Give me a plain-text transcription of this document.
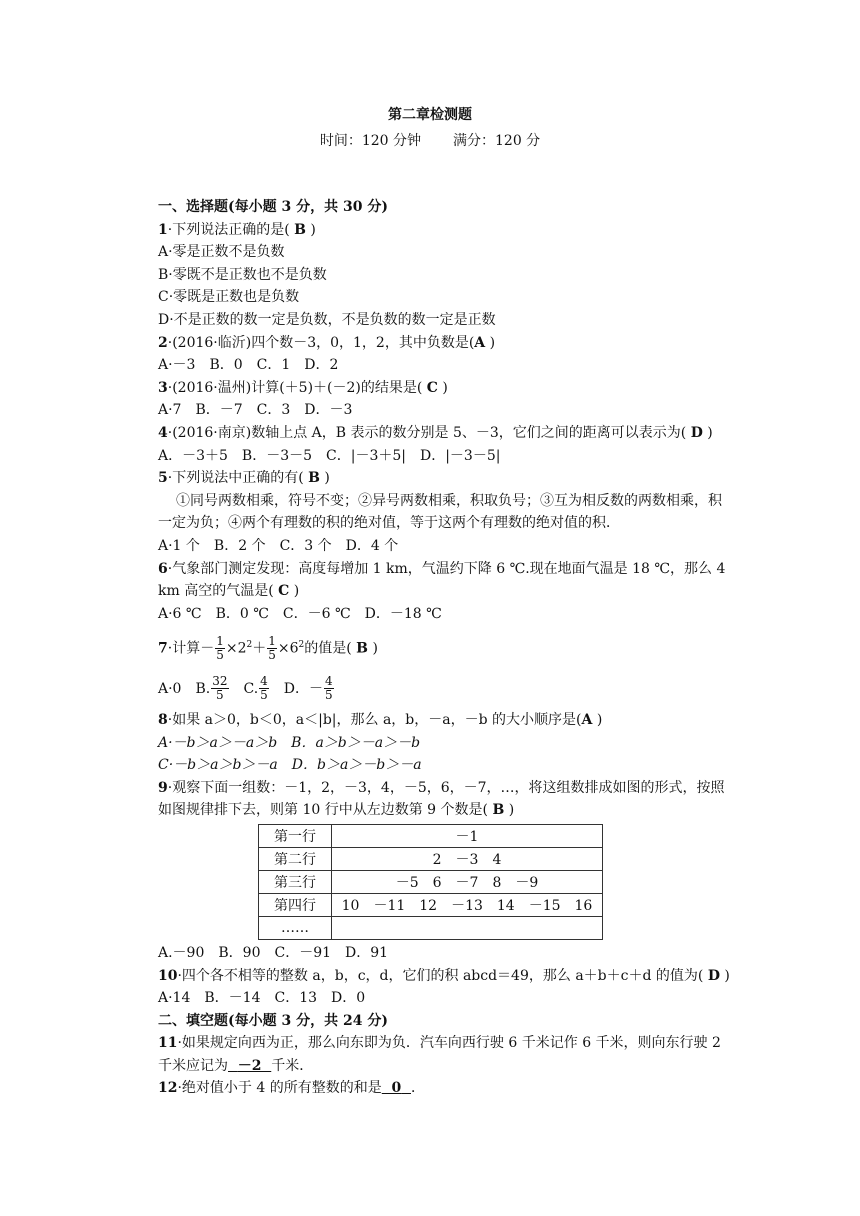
第二章检测题
时间：120 分钟 满分：120 分
一、选择题(每小题 3 分，共 30 分)
1·下列说法正确的是( B )
A·零是正数不是负数
B·零既不是正数也不是负数
C·零既是正数也是负数
D·不是正数的数一定是负数，不是负数的数一定是正数
2·(2016·临沂)四个数－3，0，1，2，其中负数是(A )
A·－3　B．0　C．1　D．2
3·(2016·温州)计算(＋5)＋(－2)的结果是( C )
A·7　B．－7　C．3　D．－3
4·(2016·南京)数轴上点 A，B 表示的数分别是 5、－3，它们之间的距离可以表示为( D )
A．－3＋5　B．－3－5　C．|－3＋5|　D．|－3－5|
5·下列说法中正确的有( B )
①同号两数相乘，符号不变；②异号两数相乘，积取负号；③互为相反数的两数相乘，积一定为负；④两个有理数的积的绝对值，等于这两个有理数的绝对值的积．
A·1 个　B．2 个　C．3 个　D．4 个
6·气象部门测定发现：高度每增加 1 km，气温约下降 6 ℃.现在地面气温是 18 ℃，那么 4 km 高空的气温是( C )
A·6 ℃　B．0 ℃　C．－6 ℃　D．－18 ℃
7·计算－ $\frac{1}{5} \times 2^2+ \frac{1}{5} \times 6^2$的值是( B )
A·0　B. $\frac{32}{5}$ 　C. $\frac{4}{5}$ 　D．－ $\frac{4}{5}$
8·如果 a＞0，b＜0，a＜|b|，那么 a，b，－a，－b 的大小顺序是(A )
A·－b＞a＞－a＞b　B．a＞b＞－a＞－b
C·－b＞a＞b＞－a　D．b＞a＞－b＞－a
9·观察下面一组数：－1，2，－3，4，－5，6，－7，…，将这组数排成如图的形式，按照如图规律排下去，则第 10 行中从左边数第 9 个数是( B )
第一行	－1
第二行	2　－3　4
第三行	－5　6　－7　8　－9
第四行	10　－11　12　－13　14　－15　16
……	
A.－90　B．90　C．－91　D．91
10·四个各不相等的整数 a，b，c，d，它们的积 abcd＝49，那么 a＋b＋c＋d 的值为( D )
A·14　B．－14　C．13　D．0
二、填空题(每小题 3 分，共 24 分)
11·如果规定向西为正，那么向东即为负．汽车向西行驶 6 千米记作 6 千米，则向东行驶 2 千米应记为 －2 千米．
12·绝对值小于 4 的所有整数的和是 0 ．
